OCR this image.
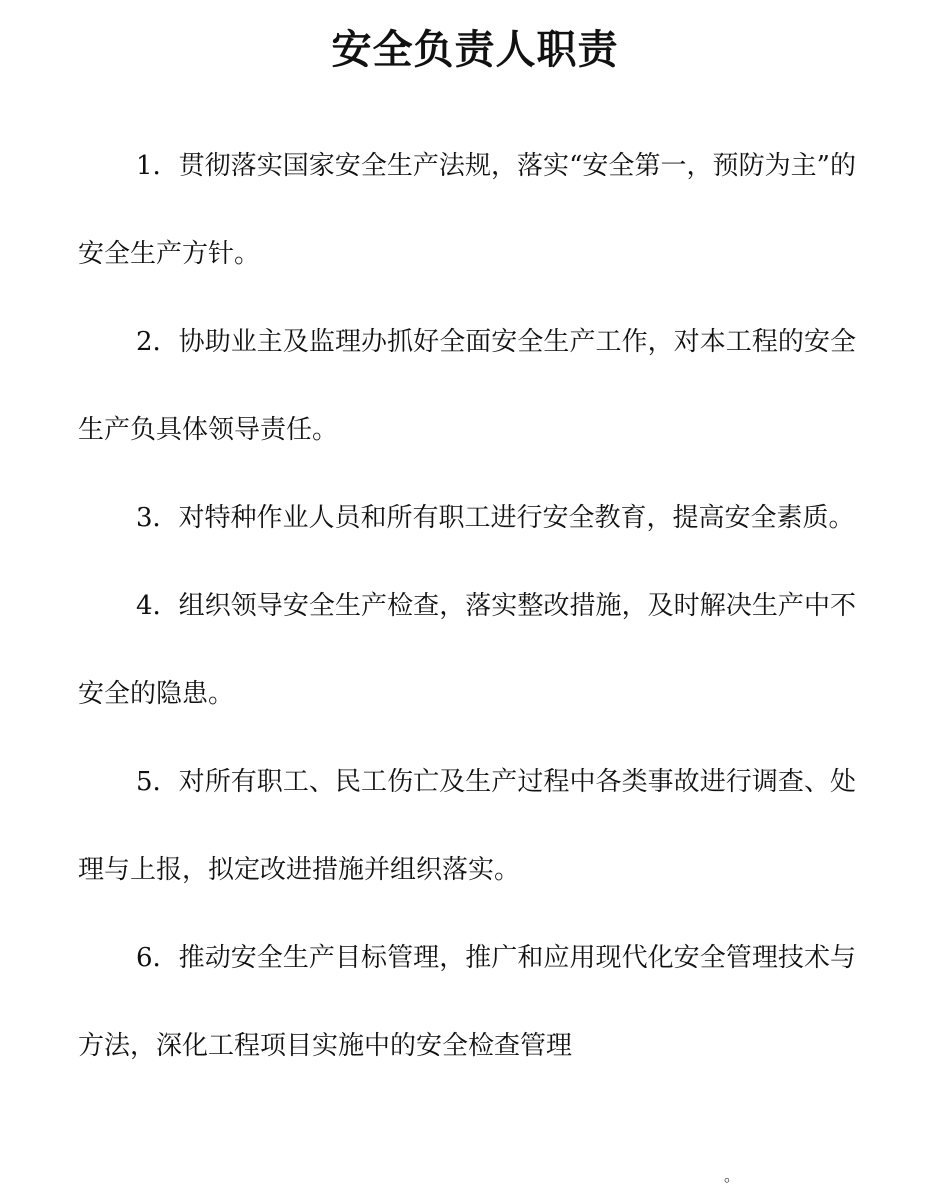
安全负责人职责

1．贯彻落实国家安全生产法规，落实“安全第一，预防为主”的安全生产方针。

2．协助业主及监理办抓好全面安全生产工作，对本工程的安全生产负具体领导责任。

3．对特种作业人员和所有职工进行安全教育，提高安全素质。

4．组织领导安全生产检查，落实整改措施，及时解决生产中不安全的隐患。

5．对所有职工、民工伤亡及生产过程中各类事故进行调查、处理与上报，拟定改进措施并组织落实。

6．推动安全生产目标管理，推广和应用现代化安全管理技术与方法，深化工程项目实施中的安全检查管理

。
